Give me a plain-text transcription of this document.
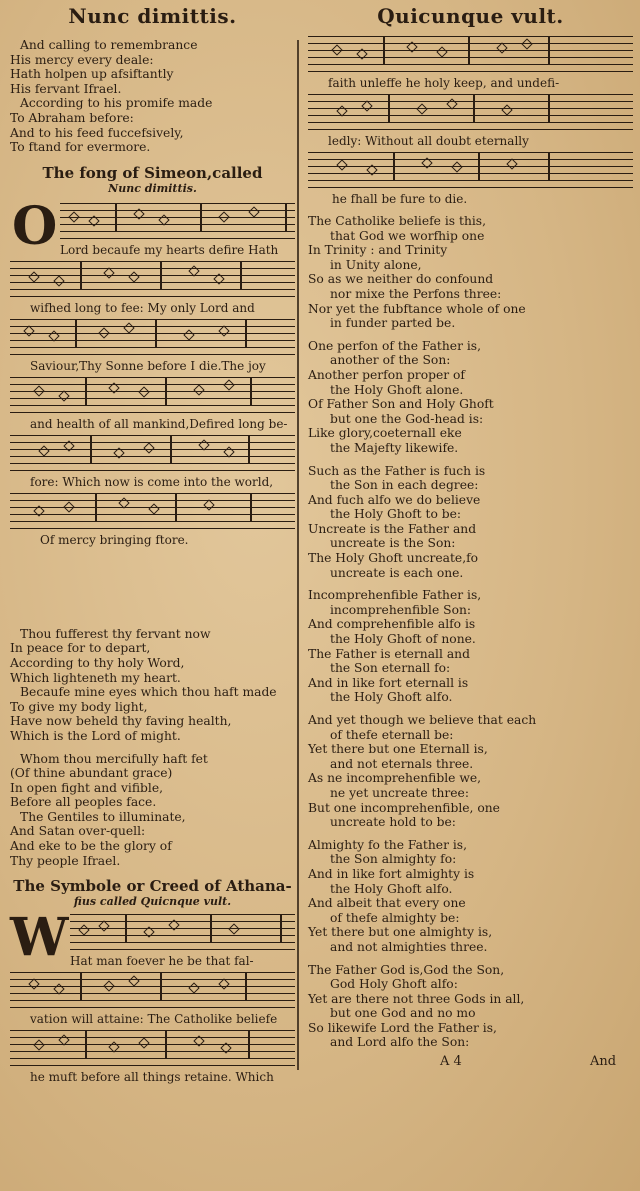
Nunc dimittis.
And calling to remembrance
His mercy every deale:
Hath holpen up afsiftantly
His fervant Ifrael.
According to his promife made
To Abraham before:
And to his feed fuccefsively,
To ftand for evermore.
The fong of Simeon,called
Nunc dimittis.
O Lord becaufe my hearts defire Hath
wifhed long to fee: My only Lord and
Saviour,Thy Sonne before I die.The joy
and health of all mankind,Defired long be-
fore: Which now is come into the world,
Of mercy bringing ftore.
Thou fufferest thy fervant now
In peace for to depart,
According to thy holy Word,
Which lighteneth my heart.
Becaufe mine eyes which thou haft made
To give my body light,
Have now beheld thy faving health,
Which is the Lord of might.
Whom thou mercifully haft fet
(Of thine abundant grace)
In open fight and vifible,
Before all peoples face.
The Gentiles to illuminate,
And Satan over-quell:
And eke to be the glory of
Thy people Ifrael.
The Symbole or Creed of Athana-
fius called Quicnque vult.
W Hat man foever he be that fal-
vation will attaine: The Catholike beliefe
he muft before all things retaine. Which
Quicunque vult.
faith unleffe he holy keep, and undefi-
ledly: Without all doubt eternally
he fhall be fure to die.
The Catholike beliefe is this,
that God we worfhip one
In Trinity : and Trinity
in Unity alone,
So as we neither do confound
nor mixe the Perfons three:
Nor yet the fubftance whole of one
in funder parted be.
One perfon of the Father is,
another of the Son:
Another perfon proper of
the Holy Ghoft alone.
Of Father Son and Holy Ghoft
but one the God-head is:
Like glory,coeternall eke
the Majefty likewife.
Such as the Father is fuch is
the Son in each degree:
And fuch alfo we do believe
the Holy Ghoft to be:
Uncreate is the Father and
uncreate is the Son:
The Holy Ghoft uncreate,fo
uncreate is each one.
Incomprehenfible Father is,
incomprehenfible Son:
And comprehenfible alfo is
the Holy Ghoft of none.
The Father is eternall and
the Son eternall fo:
And in like fort eternall is
the Holy Ghoft alfo.
And yet though we believe that each
of thefe eternall be:
Yet there but one Eternall is,
and not eternals three.
As ne incomprehenfible we,
ne yet uncreate three:
But one incomprehenfible, one
uncreate hold to be:
Almighty fo the Father is,
the Son almighty fo:
And in like fort almighty is
the Holy Ghoft alfo.
And albeit that every one
of thefe almighty be:
Yet there but one almighty is,
and not almighties three.
The Father God is,God the Son,
God Holy Ghoft alfo:
Yet are there not three Gods in all,
but one God and no mo
So likewife Lord the Father is,
and Lord alfo the Son:
A 4	And
